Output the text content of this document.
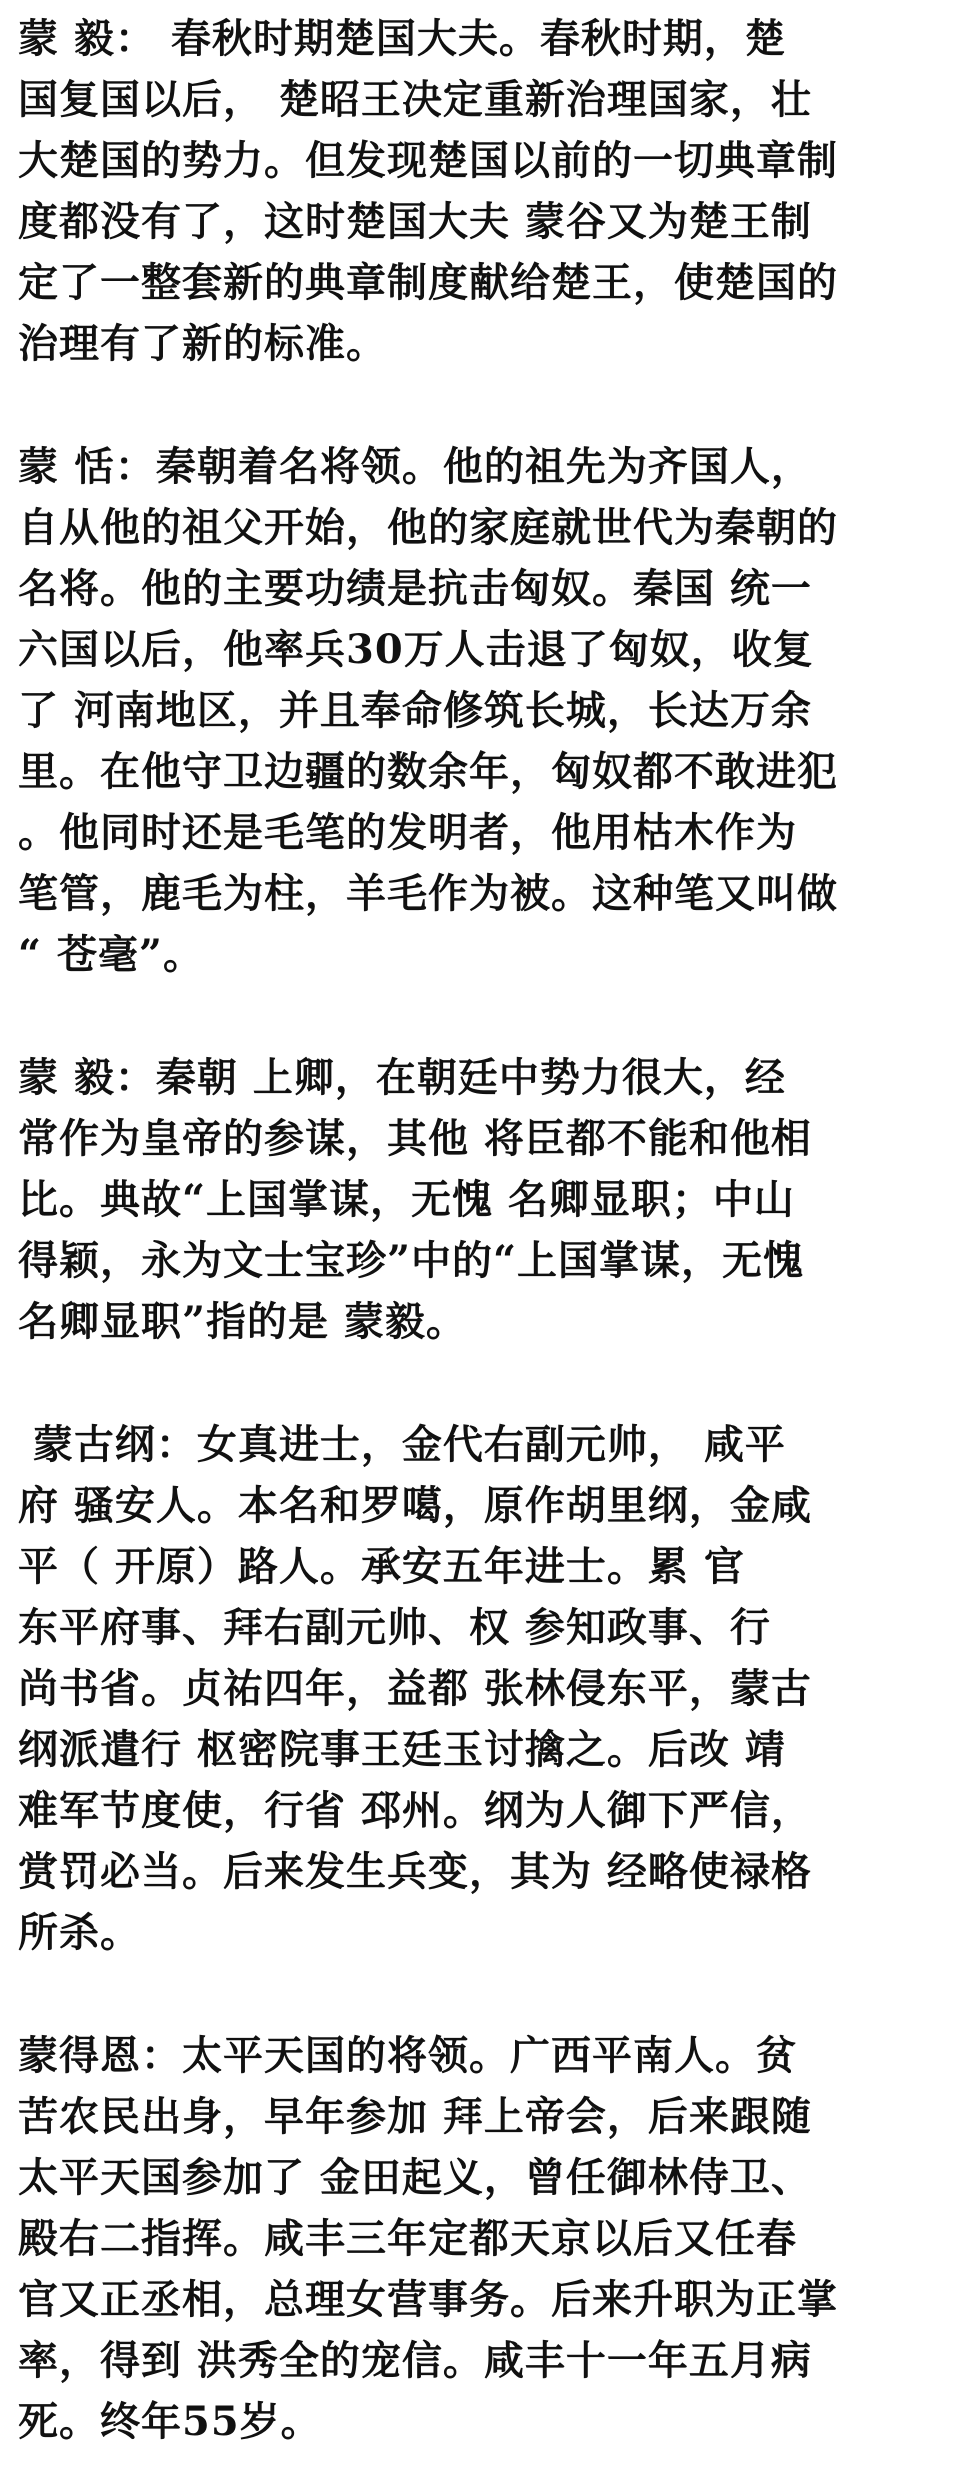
蒙 毅： 春秋时期楚国大夫。春秋时期，楚
国复国以后， 楚昭王决定重新治理国家，壮
大楚国的势力。但发现楚国以前的一切典章制
度都没有了，这时楚国大夫 蒙谷又为楚王制
定了一整套新的典章制度献给楚王，使楚国的
治理有了新的标准。
蒙 恬：秦朝着名将领。他的祖先为齐国人，
自从他的祖父开始，他的家庭就世代为秦朝的
名将。他的主要功绩是抗击匈奴。秦国 统一
六国以后，他率兵30万人击退了匈奴，收复
了 河南地区，并且奉命修筑长城，长达万余
里。在他守卫边疆的数余年，匈奴都不敢进犯
。他同时还是毛笔的发明者，他用枯木作为
笔管，鹿毛为柱，羊毛作为被。这种笔又叫做
“ 苍毫”。
蒙 毅：秦朝 上卿，在朝廷中势力很大，经
常作为皇帝的参谋，其他 将臣都不能和他相
比。典故“上国掌谋，无愧 名卿显职；中山
得颖，永为文士宝珍”中的“上国掌谋，无愧
名卿显职”指的是 蒙毅。
蒙古纲：女真进士，金代右副元帅， 咸平
府 骚安人。本名和罗噶，原作胡里纲，金咸
平（ 开原）路人。承安五年进士。累 官
东平府事、拜右副元帅、权 参知政事、行
尚书省。贞祐四年，益都 张林侵东平，蒙古
纲派遣行 枢密院事王廷玉讨擒之。后改 靖
难军节度使，行省 邳州。纲为人御下严信，
赏罚必当。后来发生兵变，其为 经略使禄格
所杀。
蒙得恩：太平天国的将领。广西平南人。贫
苦农民出身，早年参加 拜上帝会，后来跟随
太平天国参加了 金田起义，曾任御林侍卫、
殿右二指挥。咸丰三年定都天京以后又任春
官又正丞相，总理女营事务。后来升职为正掌
率，得到 洪秀全的宠信。咸丰十一年五月病
死。终年55岁。
